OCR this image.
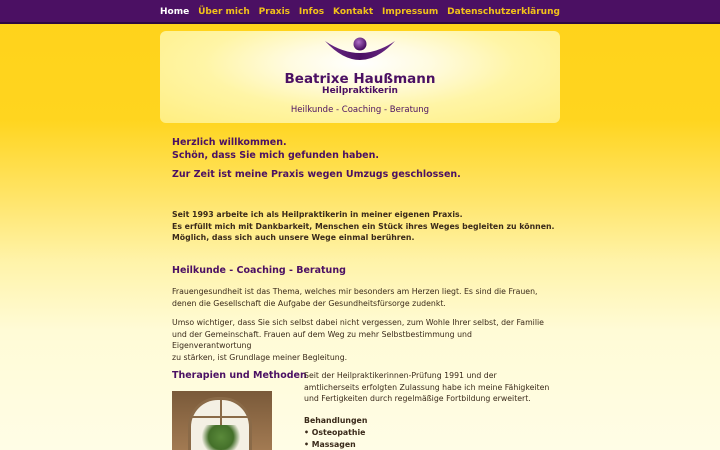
Home Über mich Praxis Infos Kontakt Impressum Datenschutzerklärung
Beatrixe Haußmann
Heilpraktikerin
Heilkunde - Coaching - Beratung
Herzlich willkommen.
Schön, dass Sie mich gefunden haben.
Zur Zeit ist meine Praxis wegen Umzugs geschlossen.
Seit 1993 arbeite ich als Heilpraktikerin in meiner eigenen Praxis.
Es erfüllt mich mit Dankbarkeit, Menschen ein Stück ihres Weges begleiten zu können.
Möglich, dass sich auch unsere Wege einmal berühren.
Heilkunde - Coaching - Beratung
Frauengesundheit ist das Thema, welches mir besonders am Herzen liegt. Es sind die Frauen,
denen die Gesellschaft die Aufgabe der Gesundheitsfürsorge zudenkt.
Umso wichtiger, dass Sie sich selbst dabei nicht vergessen, zum Wohle Ihrer selbst, der Familie
und der Gemeinschaft. Frauen auf dem Weg zu mehr Selbstbestimmung und Eigenverantwortung
zu stärken, ist Grundlage meiner Begleitung.
Therapien und Methoden
Seit der Heilpraktikerinnen-Prüfung 1991 und der
amtlicherseits erfolgten Zulassung habe ich meine Fähigkeiten
und Fertigkeiten durch regelmäßige Fortbildung erweitert.
Behandlungen
• Osteopathie
• Massagen
